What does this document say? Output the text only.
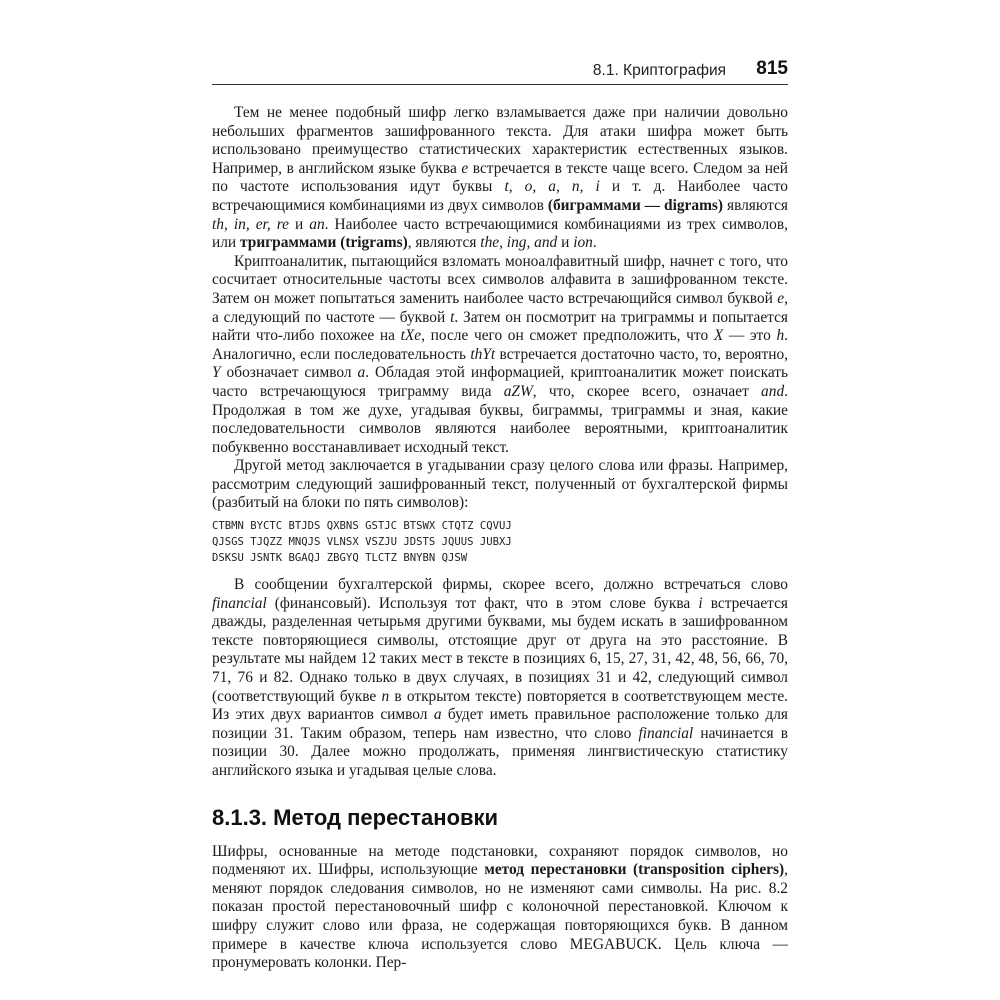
8.1. Криптография 815

Тем не менее подобный шифр легко взламывается даже при наличии довольно небольших фрагментов зашифрованного текста. Для атаки шифра может быть использовано преимущество статистических характеристик естественных языков. Например, в английском языке буква e встречается в тексте чаще всего. Следом за ней по частоте использования идут буквы t, o, a, n, i и т. д. Наиболее часто встречающимися комбинациями из двух символов (биграммами — digrams) являются th, in, er, re и an. Наиболее часто встречающимися комбинациями из трех символов, или триграммами (trigrams), являются the, ing, and и ion.

Криптоаналитик, пытающийся взломать моноалфавитный шифр, начнет с того, что сосчитает относительные частоты всех символов алфавита в зашифрованном тексте. Затем он может попытаться заменить наиболее часто встречающийся символ буквой e, а следующий по частоте — буквой t. Затем он посмотрит на триграммы и попытается найти что-либо похожее на tXe, после чего он сможет предположить, что X — это h. Аналогично, если последовательность thYt встречается достаточно часто, то, вероятно, Y обозначает символ a. Обладая этой информацией, криптоаналитик может поискать часто встречающуюся триграмму вида aZW, что, скорее всего, означает and. Продолжая в том же духе, угадывая буквы, биграммы, триграммы и зная, какие последовательности символов являются наиболее вероятными, криптоаналитик побуквенно восстанавливает исходный текст.

Другой метод заключается в угадывании сразу целого слова или фразы. Например, рассмотрим следующий зашифрованный текст, полученный от бухгалтерской фирмы (разбитый на блоки по пять символов):

CTBMN BYCTC BTJDS QXBNS GSTJC BTSWX CTQTZ CQVUJ
QJSGS TJQZZ MNQJS VLNSX VSZJU JDSTS JQUUS JUBXJ
DSKSU JSNTK BGAQJ ZBGYQ TLCTZ BNYBN QJSW

В сообщении бухгалтерской фирмы, скорее всего, должно встречаться слово financial (финансовый). Используя тот факт, что в этом слове буква i встречается дважды, разделенная четырьмя другими буквами, мы будем искать в зашифрованном тексте повторяющиеся символы, отстоящие друг от друга на это расстояние. В результате мы найдем 12 таких мест в тексте в позициях 6, 15, 27, 31, 42, 48, 56, 66, 70, 71, 76 и 82. Однако только в двух случаях, в позициях 31 и 42, следующий символ (соответствующий букве n в открытом тексте) повторяется в соответствующем месте. Из этих двух вариантов символ a будет иметь правильное расположение только для позиции 31. Таким образом, теперь нам известно, что слово financial начинается в позиции 30. Далее можно продолжать, применяя лингвистическую статистику английского языка и угадывая целые слова.

8.1.3. Метод перестановки

Шифры, основанные на методе подстановки, сохраняют порядок символов, но подменяют их. Шифры, использующие метод перестановки (transposition ciphers), меняют порядок следования символов, но не изменяют сами символы. На рис. 8.2 показан простой перестановочный шифр с колоночной перестановкой. Ключом к шифру служит слово или фраза, не содержащая повторяющихся букв. В данном примере в качестве ключа используется слово MEGABUCK. Цель ключа — пронумеровать колонки. Пер-
